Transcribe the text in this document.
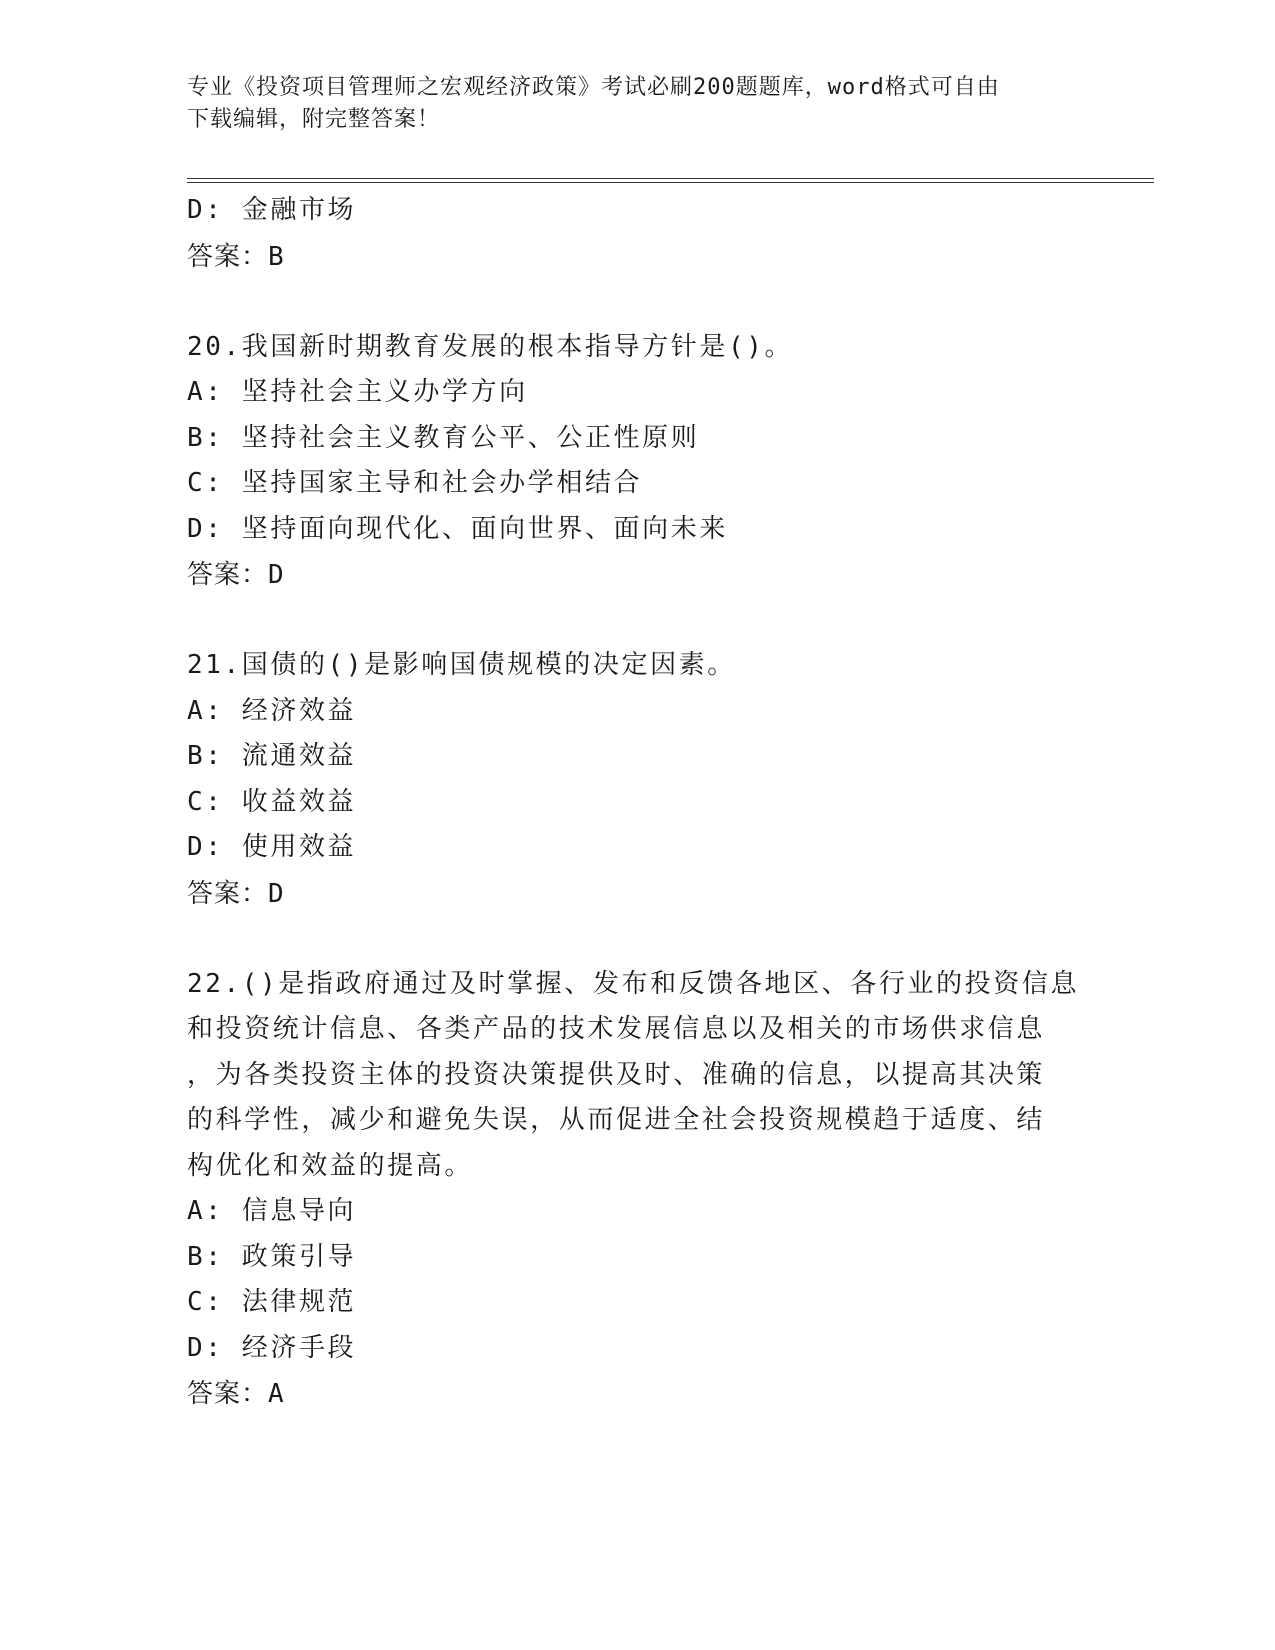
专业《投资项目管理师之宏观经济政策》考试必刷200题题库，word格式可自由
下载编辑，附完整答案！
D: 金融市场
答案：B
20.我国新时期教育发展的根本指导方针是()。
A: 坚持社会主义办学方向
B: 坚持社会主义教育公平、公正性原则
C: 坚持国家主导和社会办学相结合
D: 坚持面向现代化、面向世界、面向未来
答案：D
21.国债的()是影响国债规模的决定因素。
A: 经济效益
B: 流通效益
C: 收益效益
D: 使用效益
答案：D
22.()是指政府通过及时掌握、发布和反馈各地区、各行业的投资信息
和投资统计信息、各类产品的技术发展信息以及相关的市场供求信息
，为各类投资主体的投资决策提供及时、准确的信息，以提高其决策
的科学性，减少和避免失误，从而促进全社会投资规模趋于适度、结
构优化和效益的提高。
A: 信息导向
B: 政策引导
C: 法律规范
D: 经济手段
答案：A
